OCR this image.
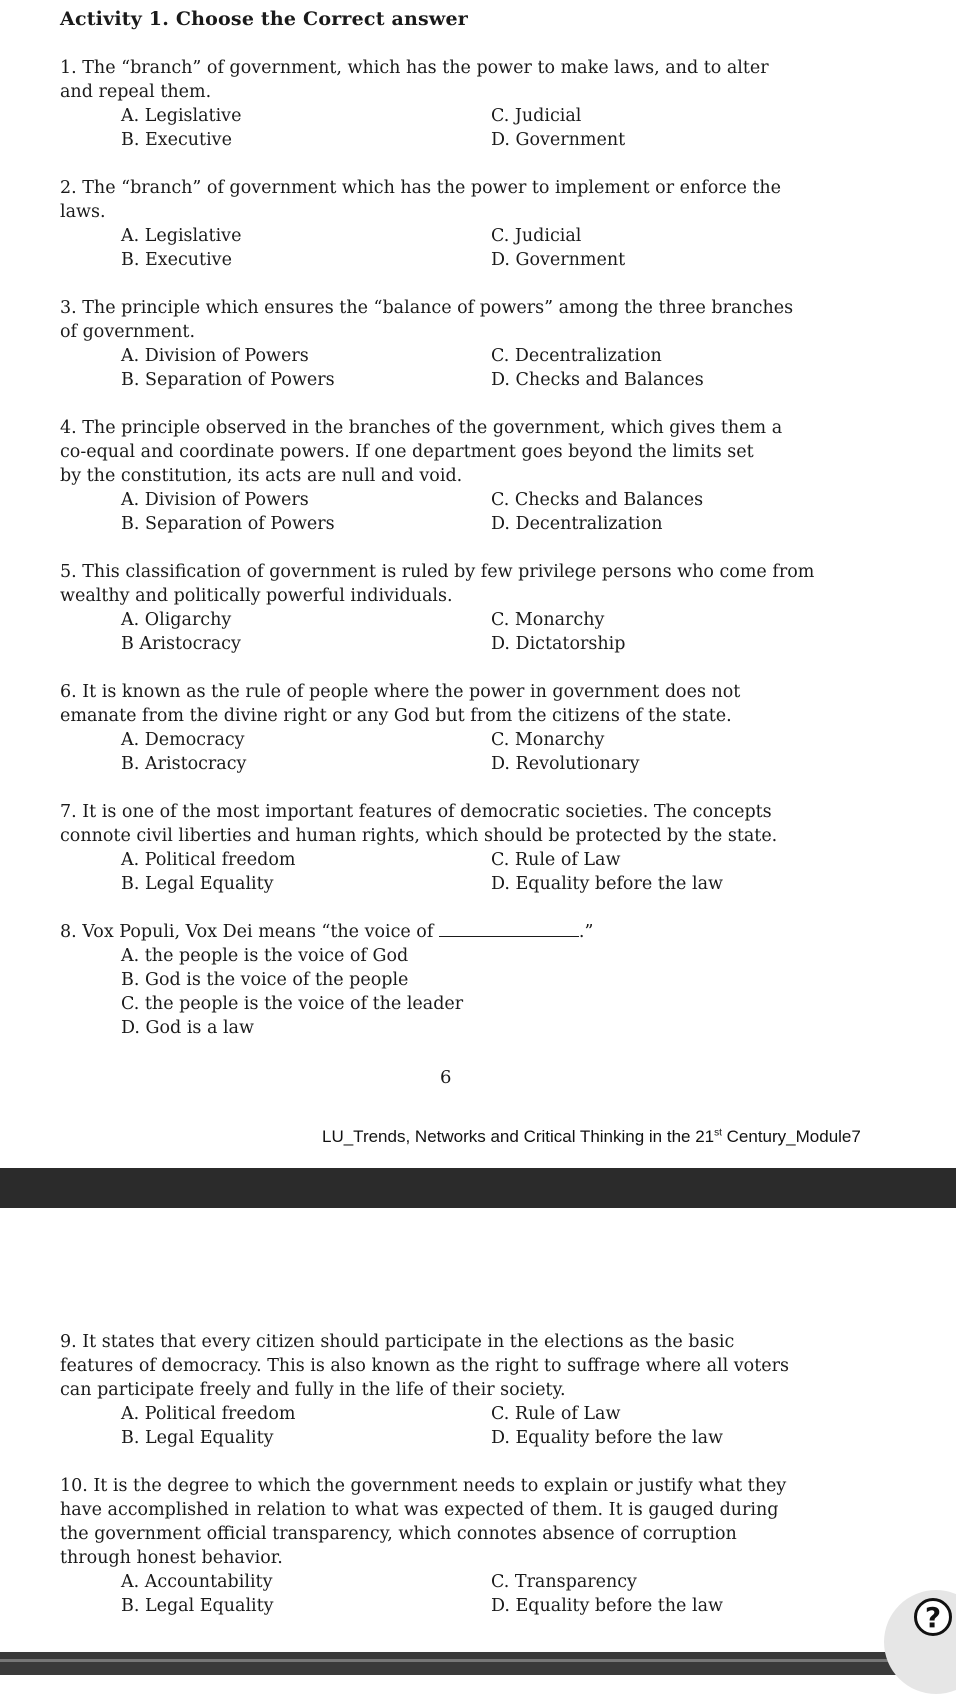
Activity 1. Choose the Correct answer

1. The “branch” of government, which has the power to make laws, and to alter
and repeal them.

A. Legislative	C. Judicial
B. Executive	D. Government

2. The “branch” of government which has the power to implement or enforce the
laws.

A. Legislative	C. Judicial
B. Executive	D. Government

3. The principle which ensures the “balance of powers” among the three branches
of government.

A. Division of Powers	C. Decentralization
B. Separation of Powers	D. Checks and Balances

4. The principle observed in the branches of the government, which gives them a
co-equal and coordinate powers. If one department goes beyond the limits set
by the constitution, its acts are null and void.

A. Division of Powers	C. Checks and Balances
B. Separation of Powers	D. Decentralization

5. This classification of government is ruled by few privilege persons who come from
wealthy and politically powerful individuals.

A. Oligarchy	C. Monarchy
B Aristocracy	D. Dictatorship

6. It is known as the rule of people where the power in government does not
emanate from the divine right or any God but from the citizens of the state.

A. Democracy	C. Monarchy
B. Aristocracy	D. Revolutionary

7. It is one of the most important features of democratic societies. The concepts
connote civil liberties and human rights, which should be protected by the state.

A. Political freedom	C. Rule of Law
B. Legal Equality	D. Equality before the law

8. Vox Populi, Vox Dei means “the voice of	.”

A. the people is the voice of God
B. God is the voice of the people
C. the people is the voice of the leader
D. God is a law
6
LU_Trends, Networks and Critical Thinking in the 21st Century_Module7

9. It states that every citizen should participate in the elections as the basic
features of democracy. This is also known as the right to suffrage where all voters
can participate freely and fully in the life of their society.

A. Political freedom	C. Rule of Law
B. Legal Equality	D. Equality before the law

10. It is the degree to which the government needs to explain or justify what they
have accomplished in relation to what was expected of them. It is gauged during
the government official transparency, which connotes absence of corruption
through honest behavior.

A. Accountability	C. Transparency
B. Legal Equality	D. Equality before the law	?
